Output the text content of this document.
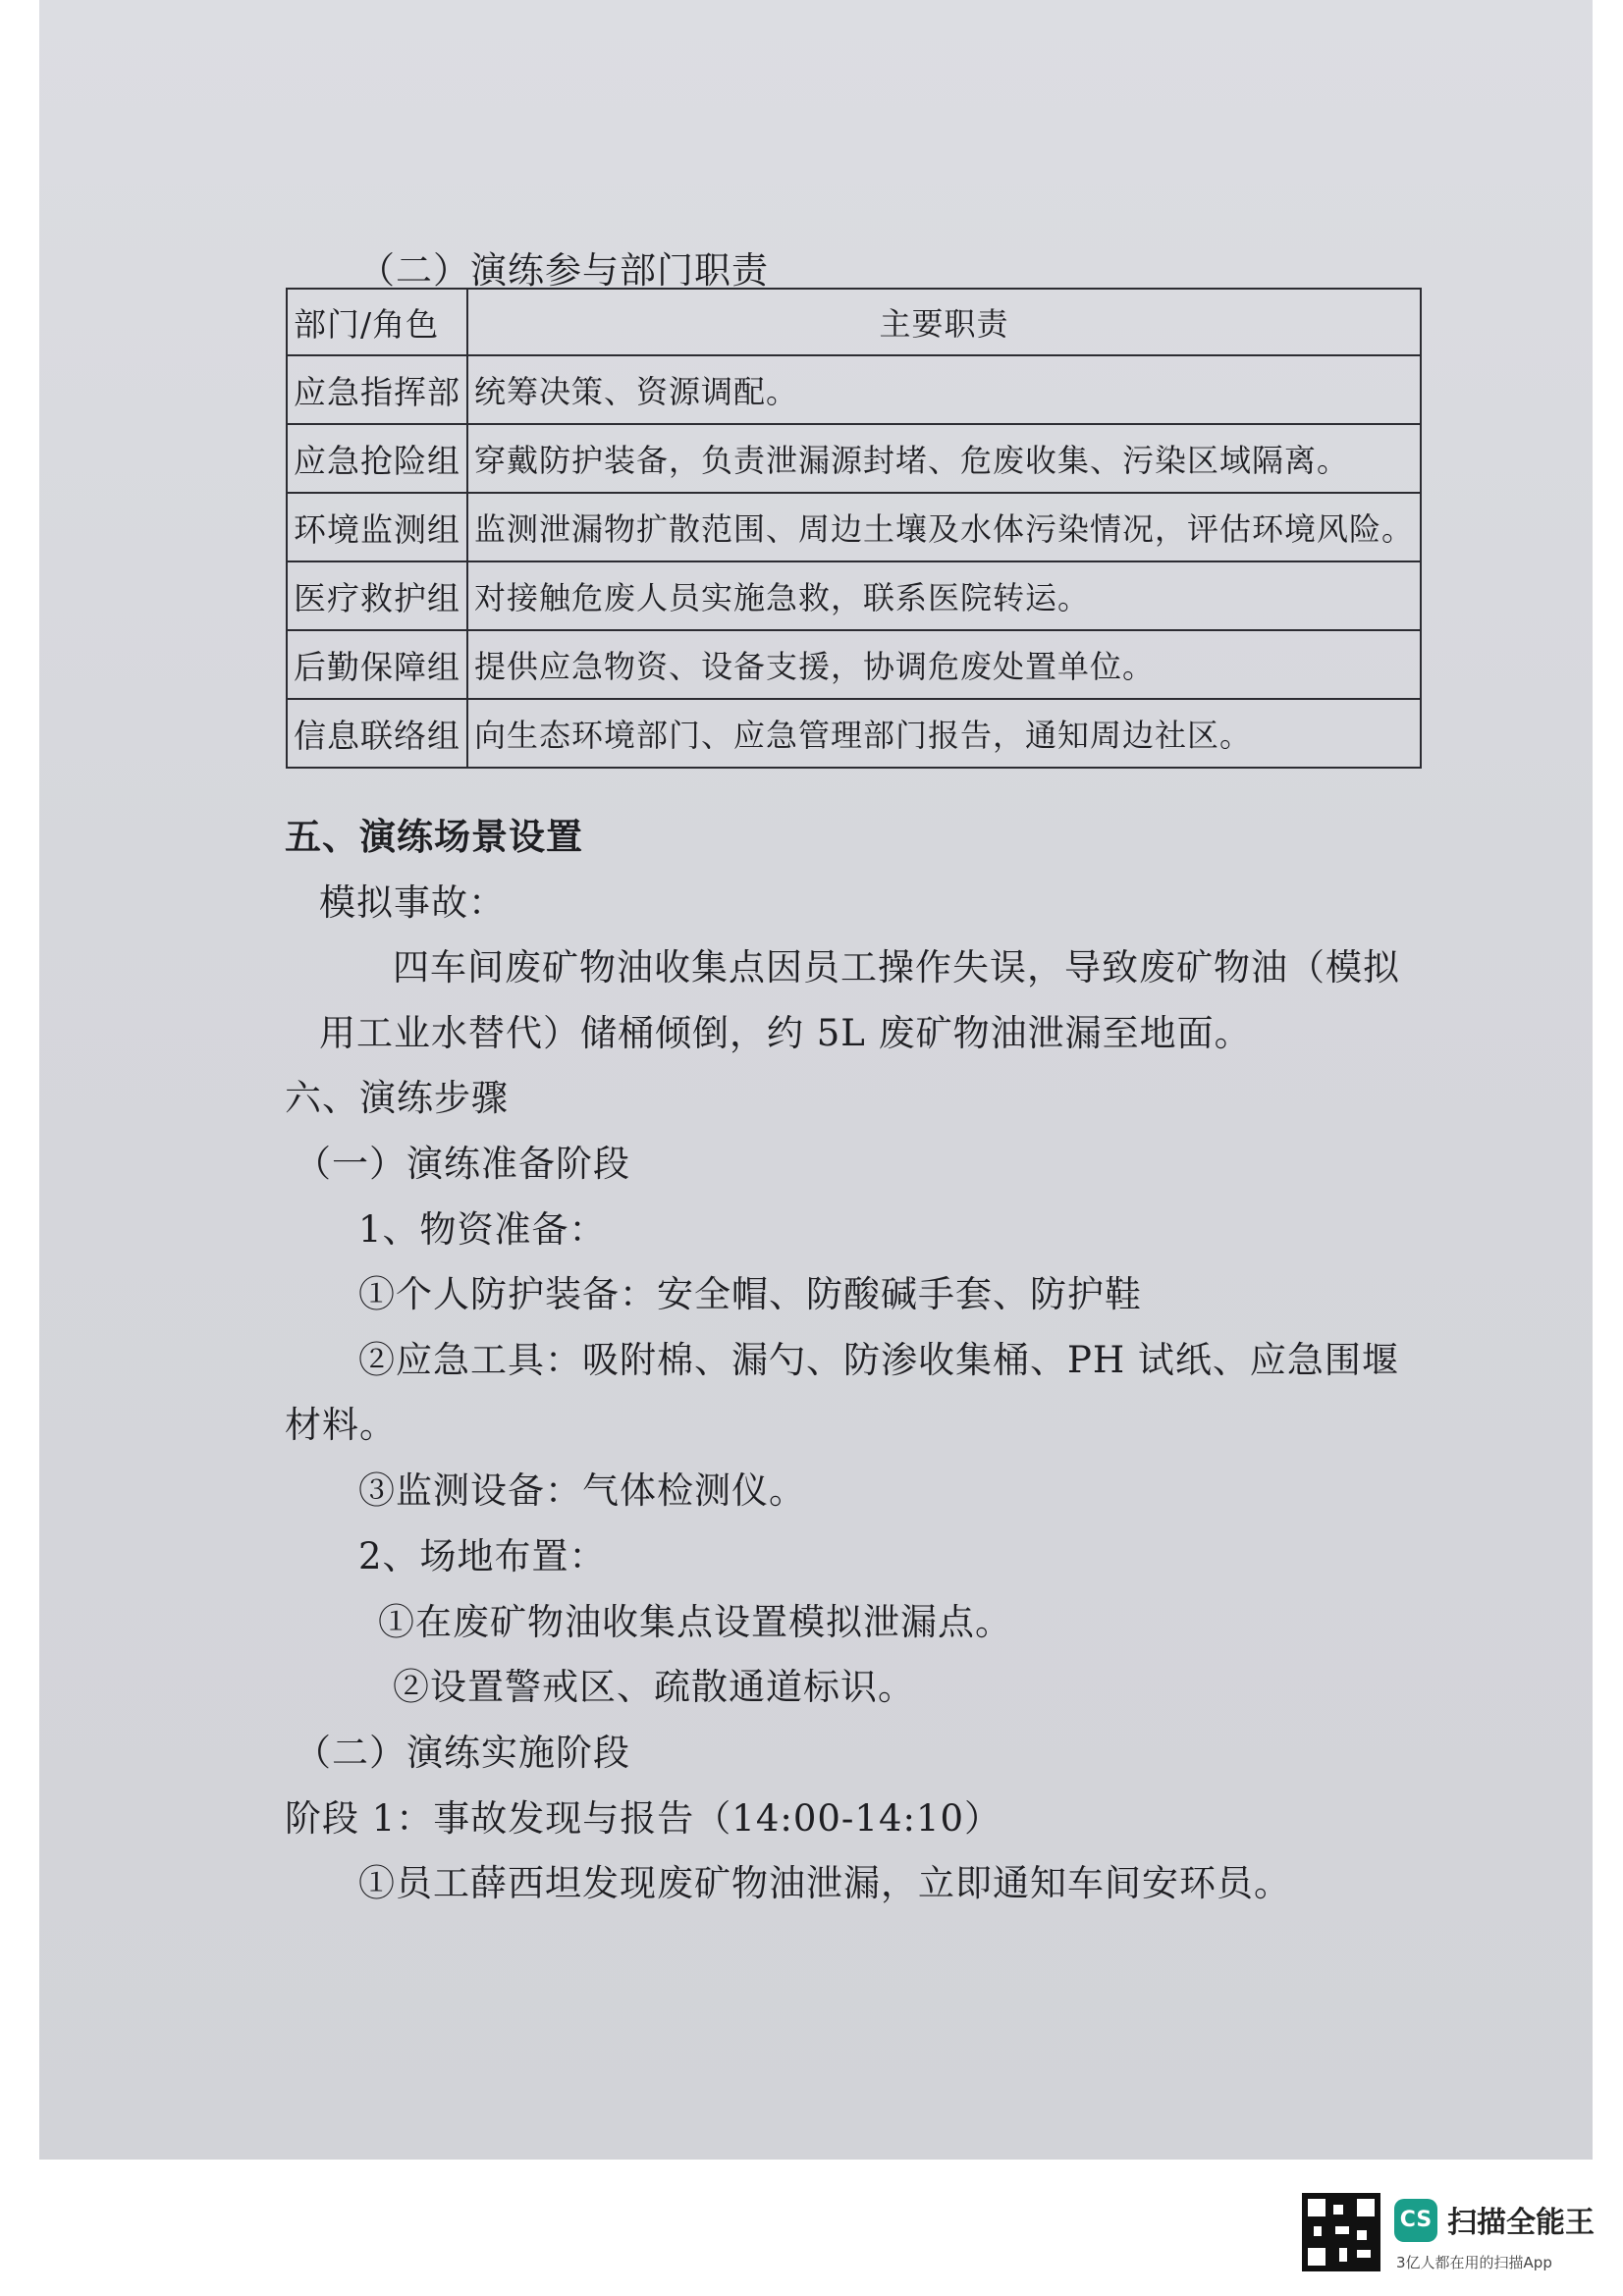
（二）演练参与部门职责
部门/角色	主要职责
应急指挥部	统筹决策、资源调配。
应急抢险组	穿戴防护装备，负责泄漏源封堵、危废收集、污染区域隔离。
环境监测组	监测泄漏物扩散范围、周边土壤及水体污染情况，评估环境风险。
医疗救护组	对接触危废人员实施急救，联系医院转运。
后勤保障组	提供应急物资、设备支援，协调危废处置单位。
信息联络组	向生态环境部门、应急管理部门报告，通知周边社区。
五、演练场景设置
模拟事故：
四车间废矿物油收集点因员工操作失误，导致废矿物油（模拟
用工业水替代）储桶倾倒，约 5L 废矿物油泄漏至地面。
六、演练步骤
（一）演练准备阶段
1、物资准备：
①个人防护装备：安全帽、防酸碱手套、防护鞋
②应急工具：吸附棉、漏勺、防渗收集桶、PH 试纸、应急围堰
材料。
③监测设备：气体检测仪。
2、场地布置：
①在废矿物油收集点设置模拟泄漏点。
②设置警戒区、疏散通道标识。
（二）演练实施阶段
阶段 1：事故发现与报告（14:00-14:10）
①员工薛西坦发现废矿物油泄漏，立即通知车间安环员。
CS 扫描全能王
3亿人都在用的扫描App
